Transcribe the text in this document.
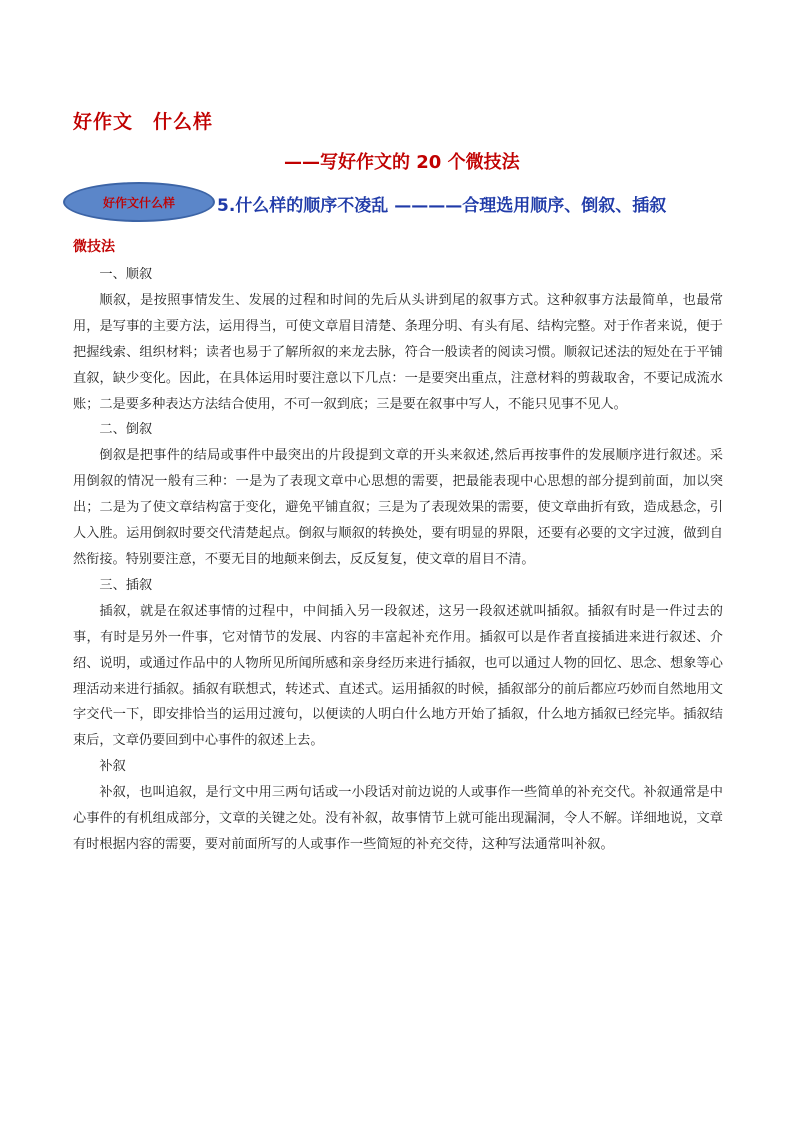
好作文　什么样
——写好作文的 20 个微技法
好作文什么样	5.什么样的顺序不凌乱 ————合理选用顺序、倒叙、插叙
微技法

一、顺叙

顺叙，是按照事情发生、发展的过程和时间的先后从头讲到尾的叙事方式。这种叙事方法最简单，也最常用，是写事的主要方法，运用得当，可使文章眉目清楚、条理分明、有头有尾、结构完整。对于作者来说，便于把握线索、组织材料；读者也易于了解所叙的来龙去脉，符合一般读者的阅读习惯。顺叙记述法的短处在于平铺直叙，缺少变化。因此，在具体运用时要注意以下几点：一是要突出重点，注意材料的剪裁取舍，不要记成流水账；二是要多种表达方法结合使用，不可一叙到底；三是要在叙事中写人，不能只见事不见人。

二、倒叙

倒叙是把事件的结局或事件中最突出的片段提到文章的开头来叙述,然后再按事件的发展顺序进行叙述。采用倒叙的情况一般有三种：一是为了表现文章中心思想的需要，把最能表现中心思想的部分提到前面，加以突出；二是为了使文章结构富于变化，避免平铺直叙；三是为了表现效果的需要，使文章曲折有致，造成悬念，引人入胜。运用倒叙时要交代清楚起点。倒叙与顺叙的转换处，要有明显的界限，还要有必要的文字过渡，做到自然衔接。特别要注意，不要无目的地颠来倒去，反反复复，使文章的眉目不清。

三、插叙

插叙，就是在叙述事情的过程中，中间插入另一段叙述，这另一段叙述就叫插叙。插叙有时是一件过去的事，有时是另外一件事，它对情节的发展、内容的丰富起补充作用。插叙可以是作者直接插进来进行叙述、介绍、说明，或通过作品中的人物所见所闻所感和亲身经历来进行插叙，也可以通过人物的回忆、思念、想象等心理活动来进行插叙。插叙有联想式，转述式、直述式。运用插叙的时候，插叙部分的前后都应巧妙而自然地用文字交代一下，即安排恰当的运用过渡句，以便读的人明白什么地方开始了插叙，什么地方插叙已经完毕。插叙结束后，文章仍要回到中心事件的叙述上去。

补叙

补叙，也叫追叙，是行文中用三两句话或一小段话对前边说的人或事作一些简单的补充交代。补叙通常是中心事件的有机组成部分，文章的关键之处。没有补叙，故事情节上就可能出现漏洞，令人不解。详细地说，文章有时根据内容的需要，要对前面所写的人或事作一些简短的补充交待，这种写法通常叫补叙。
